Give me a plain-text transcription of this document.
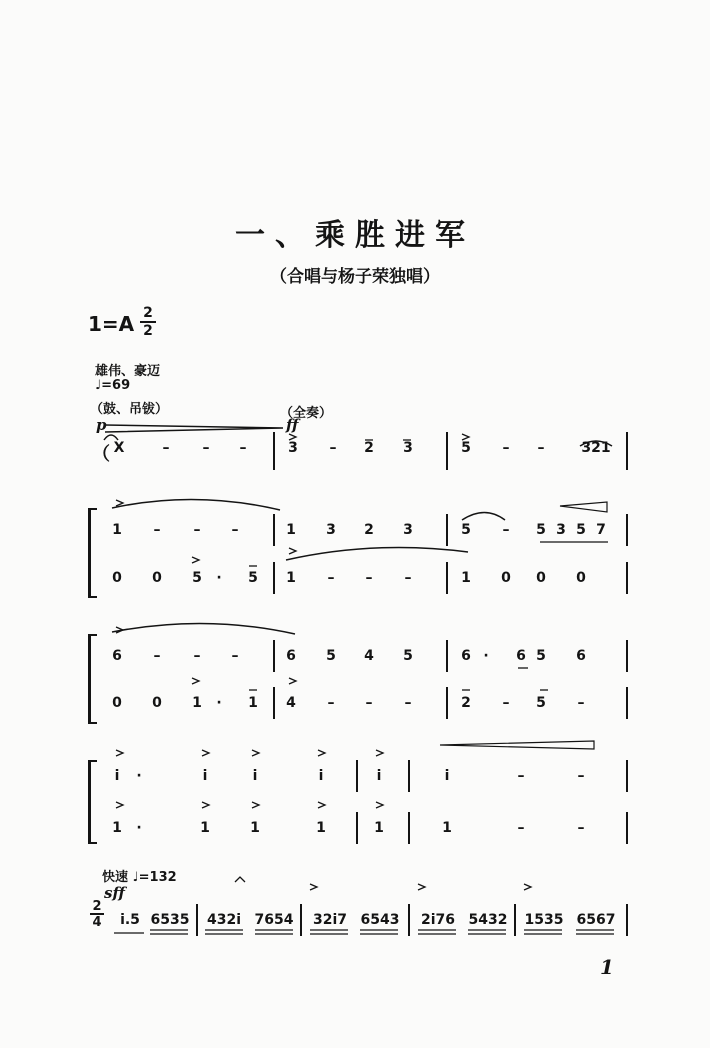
一、乘胜进军
（合唱与杨子荣独唱）
1=A 2
2
雄伟、豪迈
♩=69
（鼓、吊钹）	（全奏）
p	ff
（ X	–	–	–	3	–	2	3	5	–	–	321
1	–	–	–	1	3	2	3	5	–	5 3 5 7
0	0	5	·	5	1	–	–	–	1	0	0	0
6	–	–	–	6	5	4	5	6 ·	6 5	6
0	0	1	·	1	4	–	–	–	2	–	5	–
i	·	i	i	i	i	i	–	–
1	·	1	1	1	1	1	–	–
快速 ♩=132
sff
2
4	i.5 6535 432i 7654 32i7 6543 2i76 5432 1535 6567
1
